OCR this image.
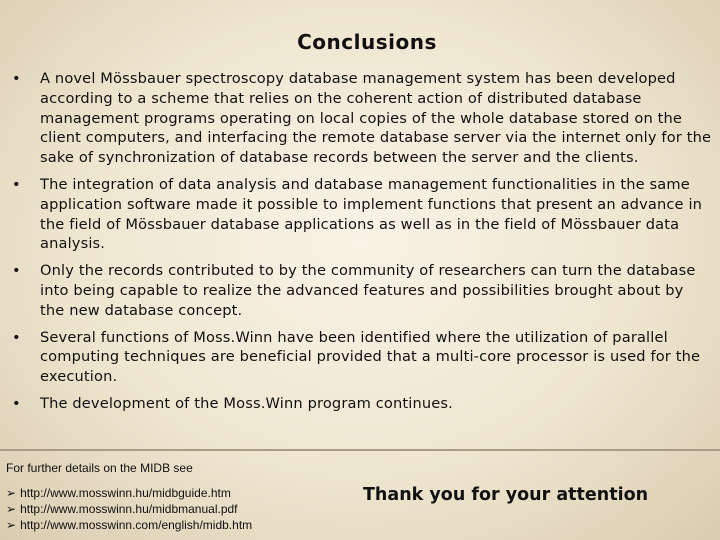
Conclusions
• A novel Mössbauer spectroscopy database management system has been developed according to a scheme that relies on the coherent action of distributed database management programs operating on local copies of the whole database stored on the client computers, and interfacing the remote database server via the internet only for the sake of synchronization of database records between the server and the clients.
• The integration of data analysis and database management functionalities in the same application software made it possible to implement functions that present an advance in the field of Mössbauer database applications as well as in the field of Mössbauer data analysis.
• Only the records contributed to by the community of researchers can turn the database into being capable to realize the advanced features and possibilities brought about by the new database concept.
• Several functions of Moss.Winn have been identified where the utilization of parallel computing techniques are beneficial provided that a multi-core processor is used for the execution.
• The development of the Moss.Winn program continues.
For further details on the MIDB see
➢ http://www.mosswinn.hu/midbguide.htm
➢ http://www.mosswinn.hu/midbmanual.pdf
➢ http://www.mosswinn.com/english/midb.htm
Thank you for your attention
